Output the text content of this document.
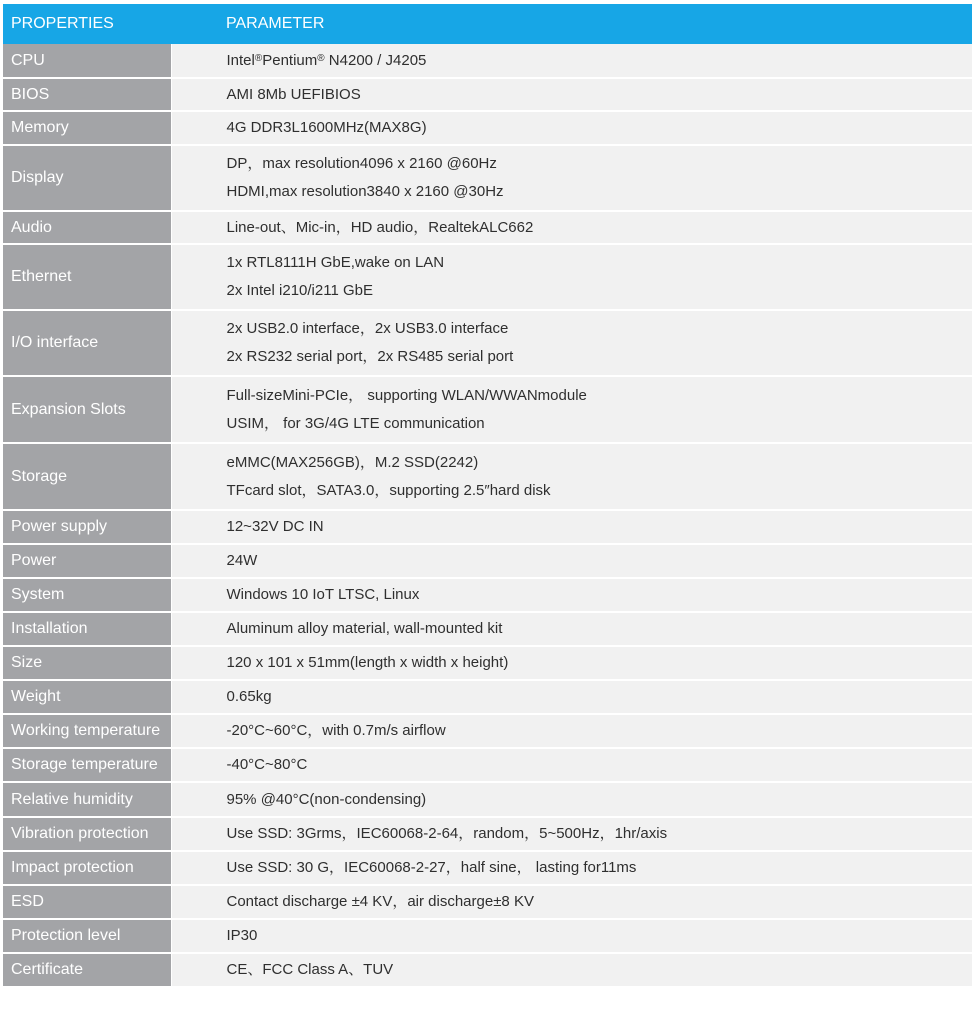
PROPERTIES	PARAMETER
CPU	Intel®Pentium® N4200 / J4205

BIOS	AMI 8Mb UEFIBIOS

Memory	4G DDR3L1600MHz(MAX8G)

Display	DP，max resolution4096 x 2160 @60Hz
HDMI,max resolution3840 x 2160 @30Hz

Audio	Line-out、Mic-in，HD audio，RealtekALC662

Ethernet	1x RTL8111H GbE,wake on LAN
2x Intel i210/i211 GbE

I/O interface	2x USB2.0 interface，2x USB3.0 interface
2x RS232 serial port，2x RS485 serial port

Expansion Slots	Full-sizeMini-PCIe， supporting WLAN/WWANmodule
USIM， for 3G/4G LTE communication

Storage	eMMC(MAX256GB)，M.2 SSD(2242)
TFcard slot，SATA3.0，supporting 2.5″hard disk

Power supply	12~32V DC IN

Power	24W

System	Windows 10 IoT LTSC, Linux

Installation	Aluminum alloy material, wall-mounted kit

Size	120 x 101 x 51mm(length x width x height)

Weight	0.65kg

Working temperature	-20°C~60°C，with 0.7m/s airflow

Storage temperature	-40°C~80°C

Relative humidity	95% @40°C(non-condensing)

Vibration protection	Use SSD: 3Grms，IEC60068-2-64，random，5~500Hz，1hr/axis

Impact protection	Use SSD: 30 G，IEC60068-2-27，half sine， lasting for11ms

ESD	Contact discharge ±4 KV，air discharge±8 KV

Protection level	IP30

Certificate	CE、FCC Class A、TUV
